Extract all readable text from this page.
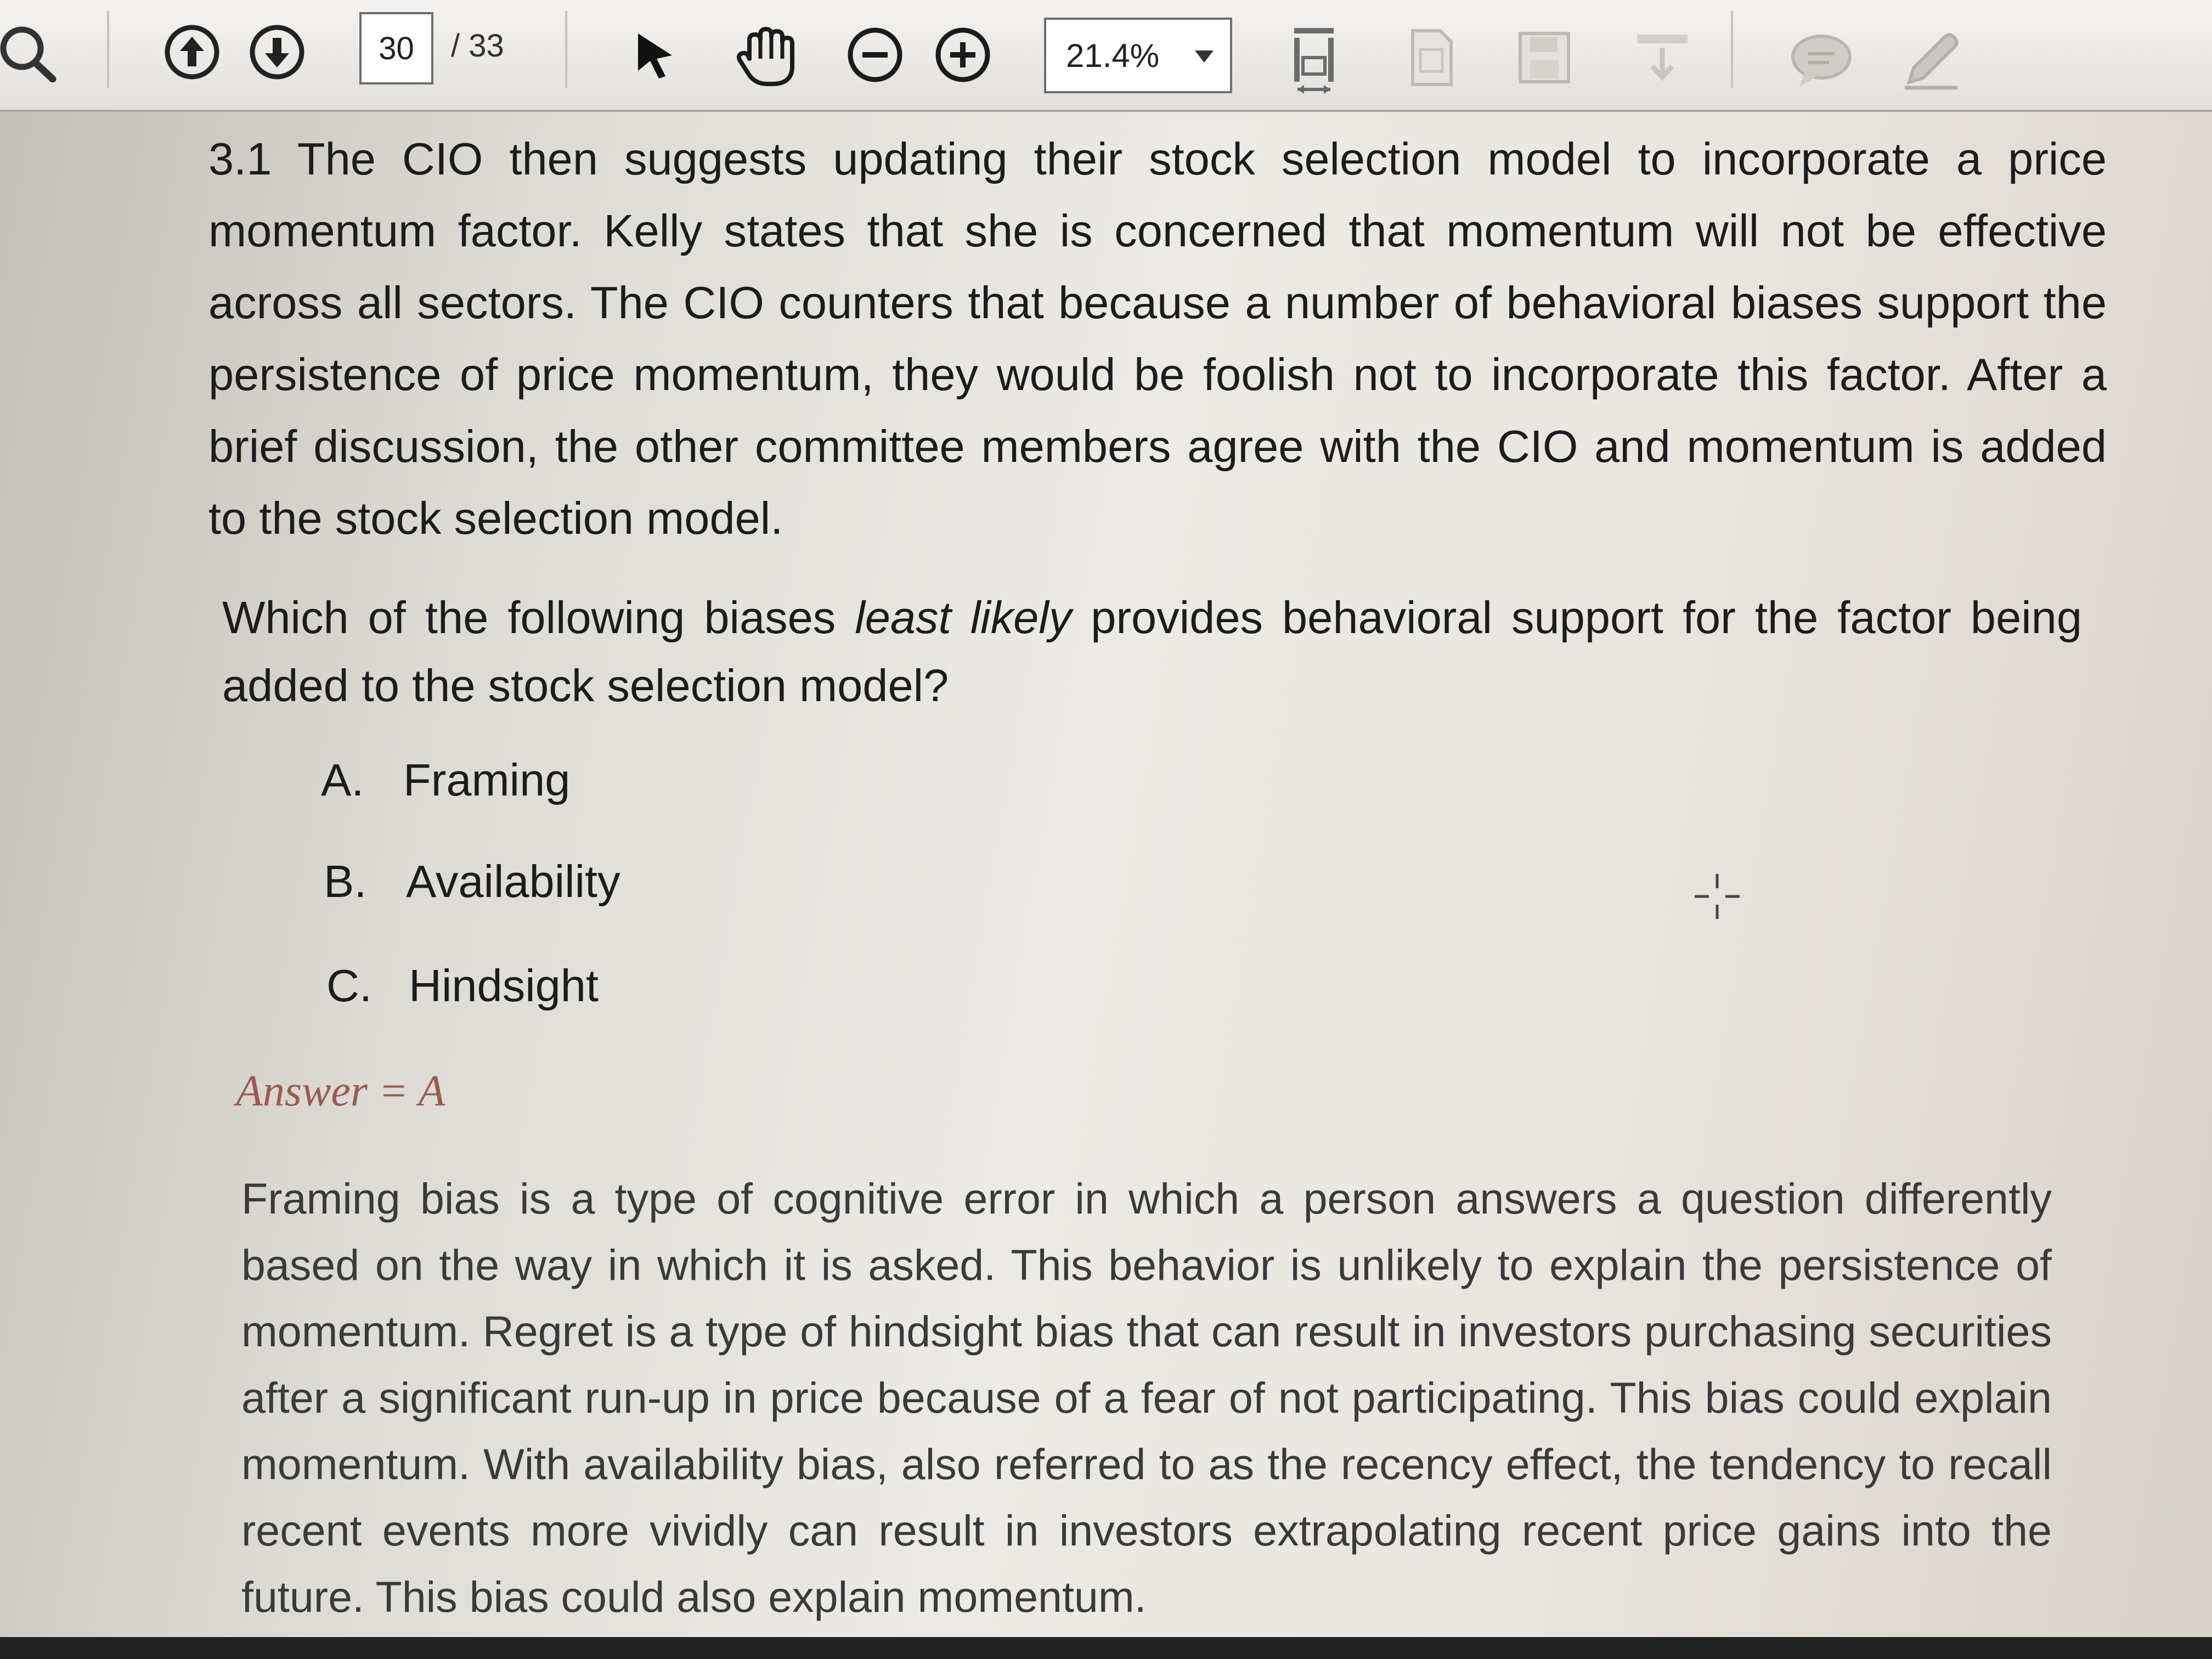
30	/ 33	21.4%

3.1 The CIO then suggests updating their stock selection model to incorporate a price momentum factor. Kelly states that she is concerned that momentum will not be effective across all sectors. The CIO counters that because a number of behavioral biases support the persistence of price momentum, they would be foolish not to incorporate this factor. After a brief discussion, the other committee members agree with the CIO and momentum is added to the stock selection model.

Which of the following biases least likely provides behavioral support for the factor being added to the stock selection model?

A. Framing
B. Availability
C. Hindsight
Answer = A

Framing bias is a type of cognitive error in which a person answers a question differently based on the way in which it is asked. This behavior is unlikely to explain the persistence of momentum. Regret is a type of hindsight bias that can result in investors purchasing securities after a significant run-up in price because of a fear of not participating. This bias could explain momentum. With availability bias, also referred to as the recency effect, the tendency to recall recent events more vividly can result in investors extrapolating recent price gains into the future. This bias could also explain momentum.
